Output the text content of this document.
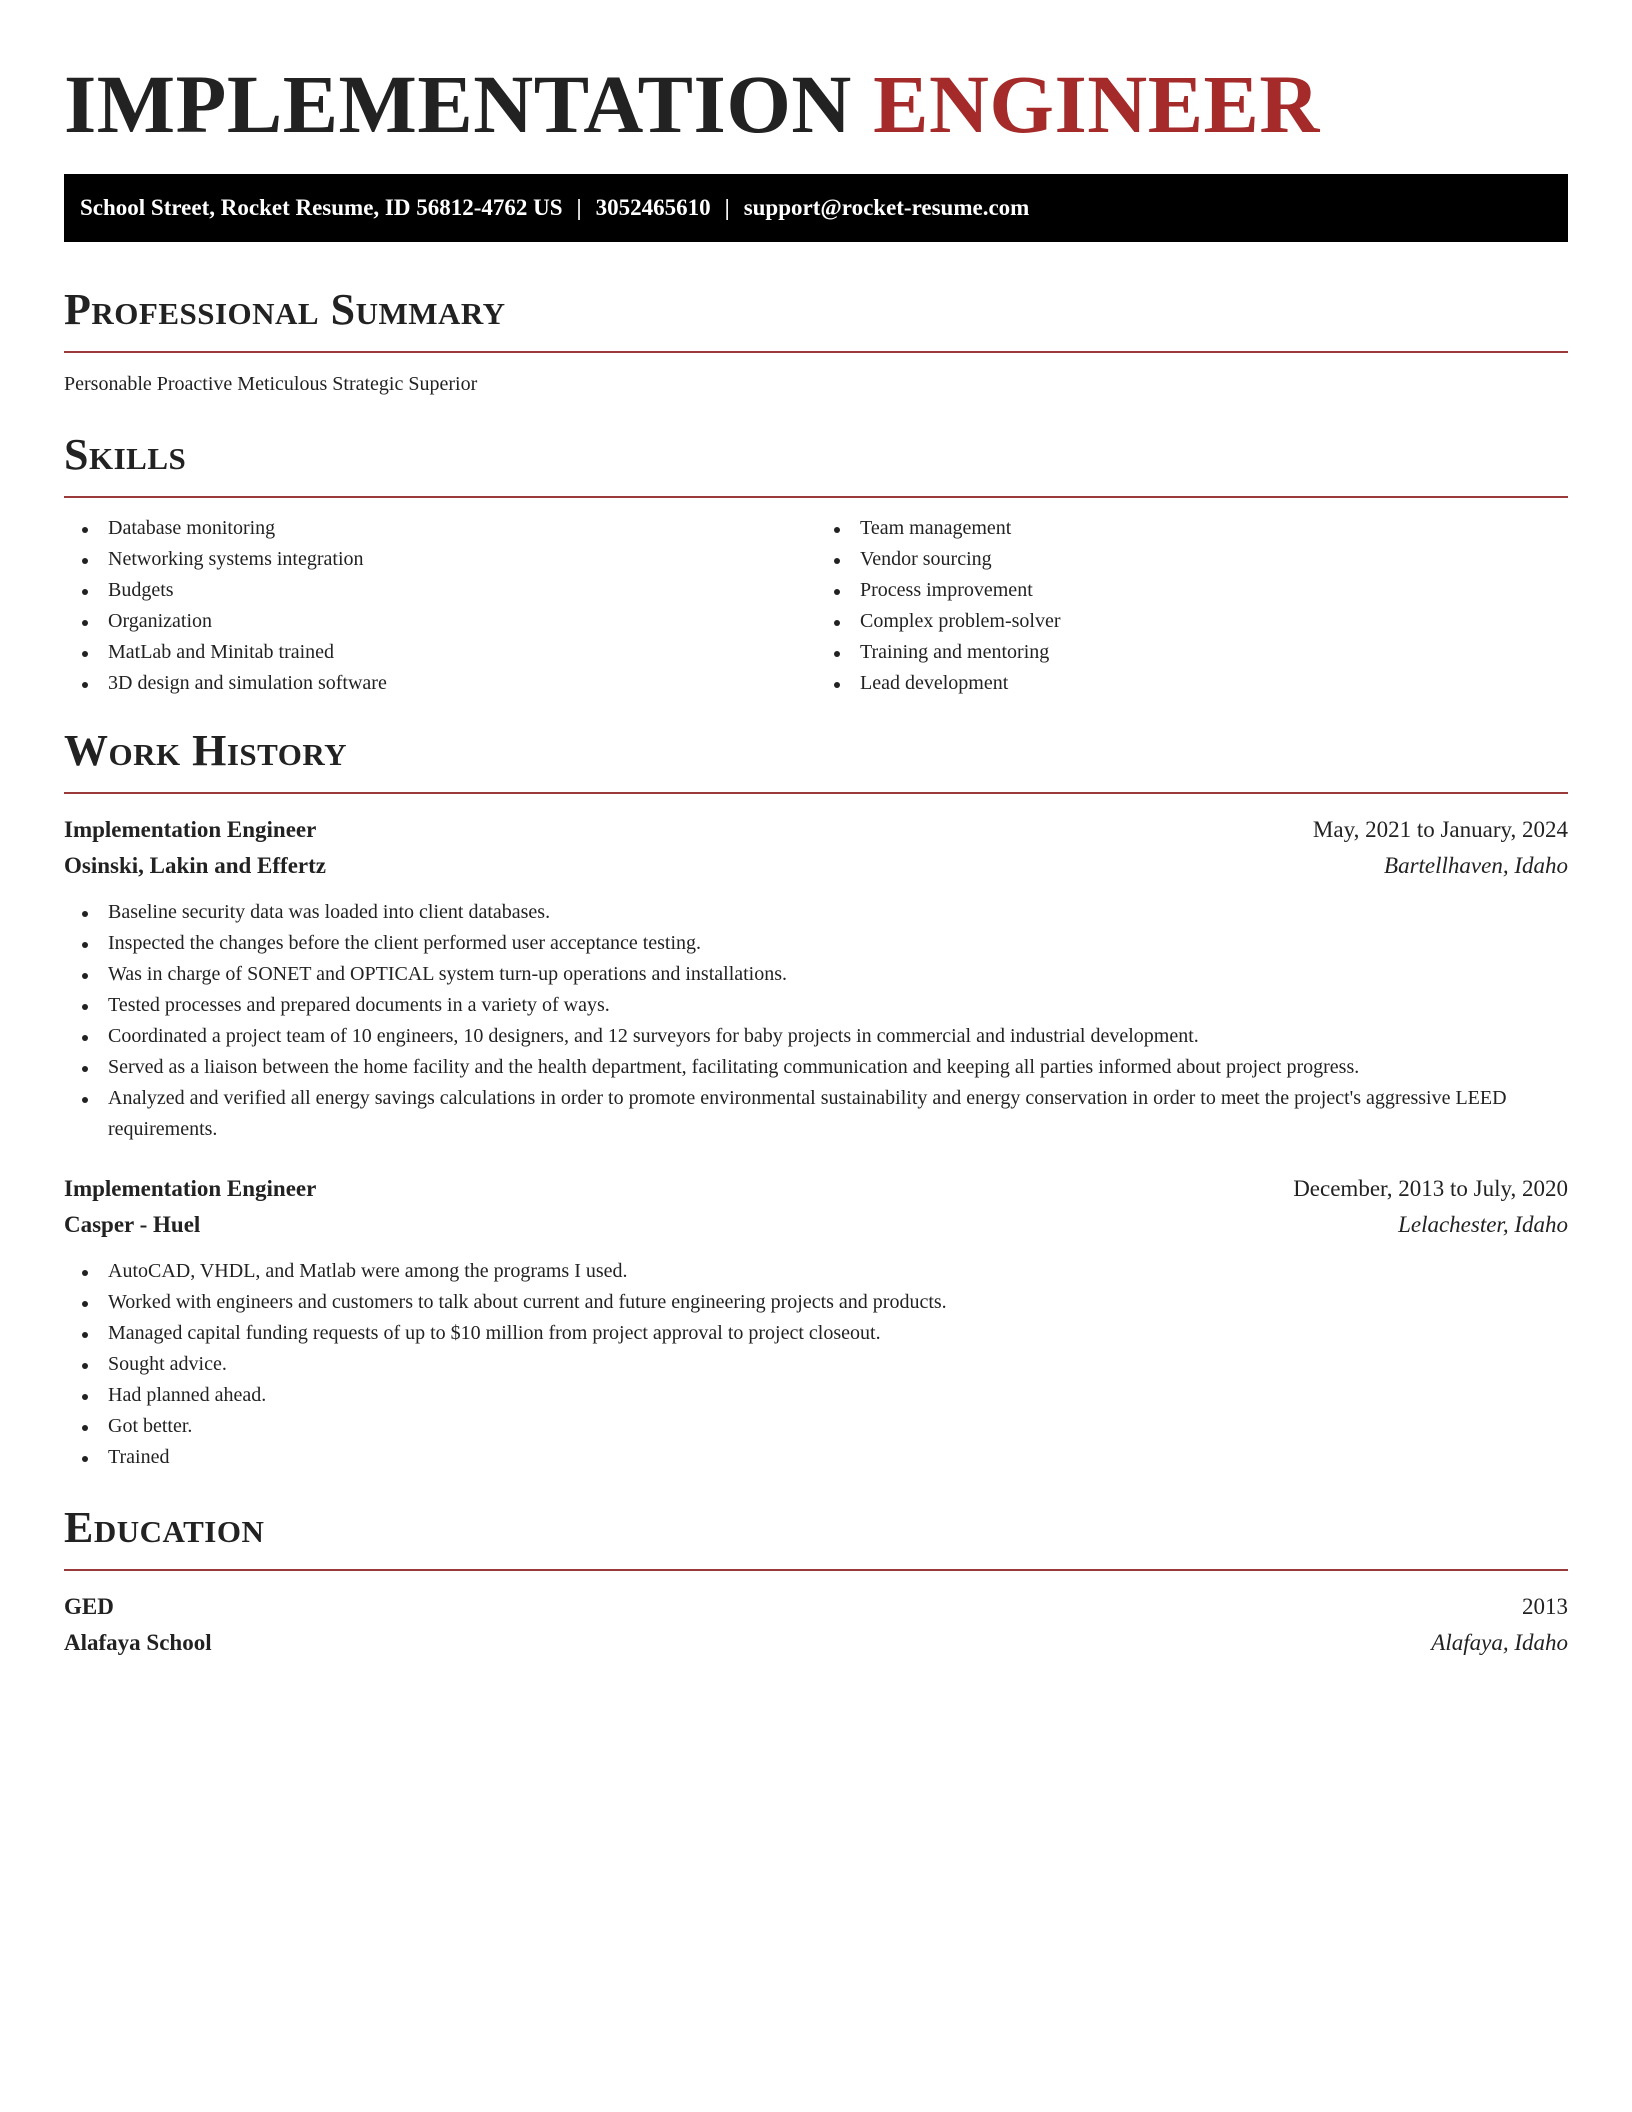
IMPLEMENTATION ENGINEER
School Street, Rocket Resume, ID 56812-4762 US | 3052465610 | support@rocket-resume.com
Professional Summary
Personable Proactive Meticulous Strategic Superior
Skills
Database monitoring
Networking systems integration
Budgets
Organization
MatLab and Minitab trained
3D design and simulation software
Team management
Vendor sourcing
Process improvement
Complex problem-solver
Training and mentoring
Lead development
Work History
Implementation Engineer	May, 2021 to January, 2024
Osinski, Lakin and Effertz	Bartellhaven, Idaho
Baseline security data was loaded into client databases.
Inspected the changes before the client performed user acceptance testing.
Was in charge of SONET and OPTICAL system turn-up operations and installations.
Tested processes and prepared documents in a variety of ways.
Coordinated a project team of 10 engineers, 10 designers, and 12 surveyors for baby projects in commercial and industrial development.
Served as a liaison between the home facility and the health department, facilitating communication and keeping all parties informed about project progress.
Analyzed and verified all energy savings calculations in order to promote environmental sustainability and energy conservation in order to meet the project's aggressive LEED requirements.
Implementation Engineer	December, 2013 to July, 2020
Casper - Huel	Lelachester, Idaho
AutoCAD, VHDL, and Matlab were among the programs I used.
Worked with engineers and customers to talk about current and future engineering projects and products.
Managed capital funding requests of up to $10 million from project approval to project closeout.
Sought advice.
Had planned ahead.
Got better.
Trained
Education
GED	2013
Alafaya School	Alafaya, Idaho
